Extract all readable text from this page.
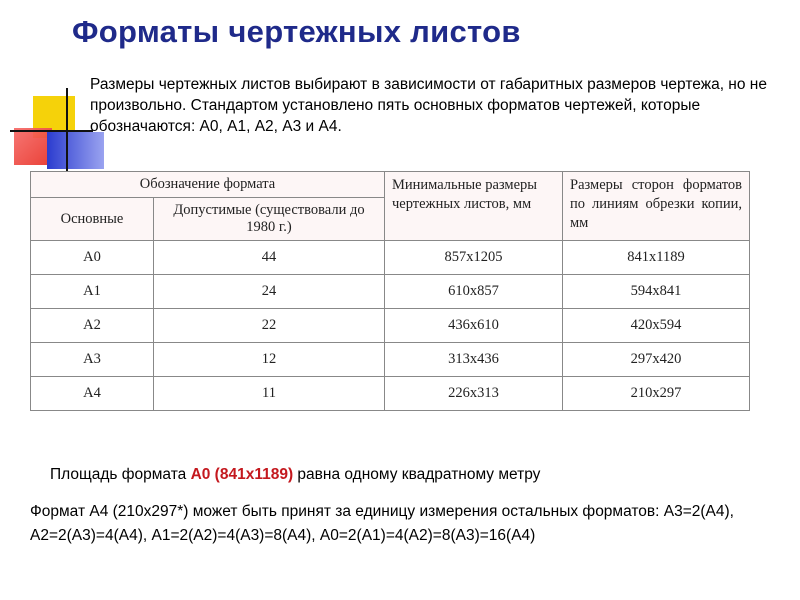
Форматы чертежных листов
Размеры чертежных листов выбирают в зависимости от габаритных размеров чертежа, но не произвольно. Стандартом установлено пять основных форматов чертежей, которые обозначаются: А0, А1, А2, А3 и А4.
Обозначение формата		Минимальные размеры чертежных листов, мм	Размеры сторон форматов по линиям обрезки копии, мм
Основные	Допустимые (существовали до 1980 г.)		
А0	44	857х1205	841х1189
А1	24	610х857	594х841
А2	22	436х610	420х594
А3	12	313х436	297х420
А4	11	226х313	210х297
Площадь формата А0 (841х1189) равна одному квадратному метру
Формат А4 (210х297*) может быть принят за единицу измерения остальных форматов: А3=2(А4), А2=2(А3)=4(А4), А1=2(А2)=4(А3)=8(А4), А0=2(А1)=4(А2)=8(А3)=16(А4)
